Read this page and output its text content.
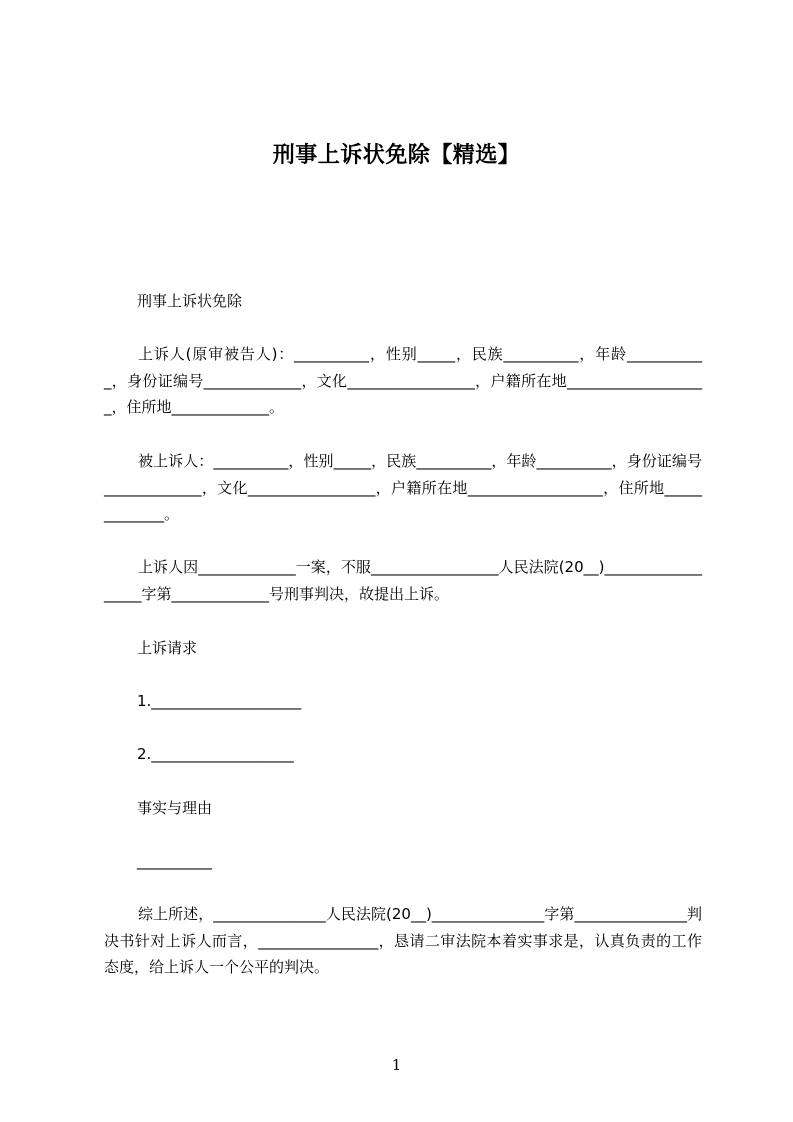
刑事上诉状免除【精选】
刑事上诉状免除
上诉人(原审被告人)：__________，性别_____，民族__________，年龄___________，身份证编号_____________，文化_________________，户籍所在地___________________，住所地_____________。
被上诉人：__________，性别_____，民族__________，年龄__________，身份证编号_____________，文化_________________，户籍所在地__________________，住所地_____________。
上诉人因_____________一案，不服_________________人民法院(20__)__________________字第_____________号刑事判决，故提出上诉。
上诉请求
1.____________________
2.___________________
事实与理由
__________
综上所述，_______________人民法院(20__)_______________字第_______________判决书针对上诉人而言，________________，恳请二审法院本着实事求是，认真负责的工作态度，给上诉人一个公平的判决。
1
